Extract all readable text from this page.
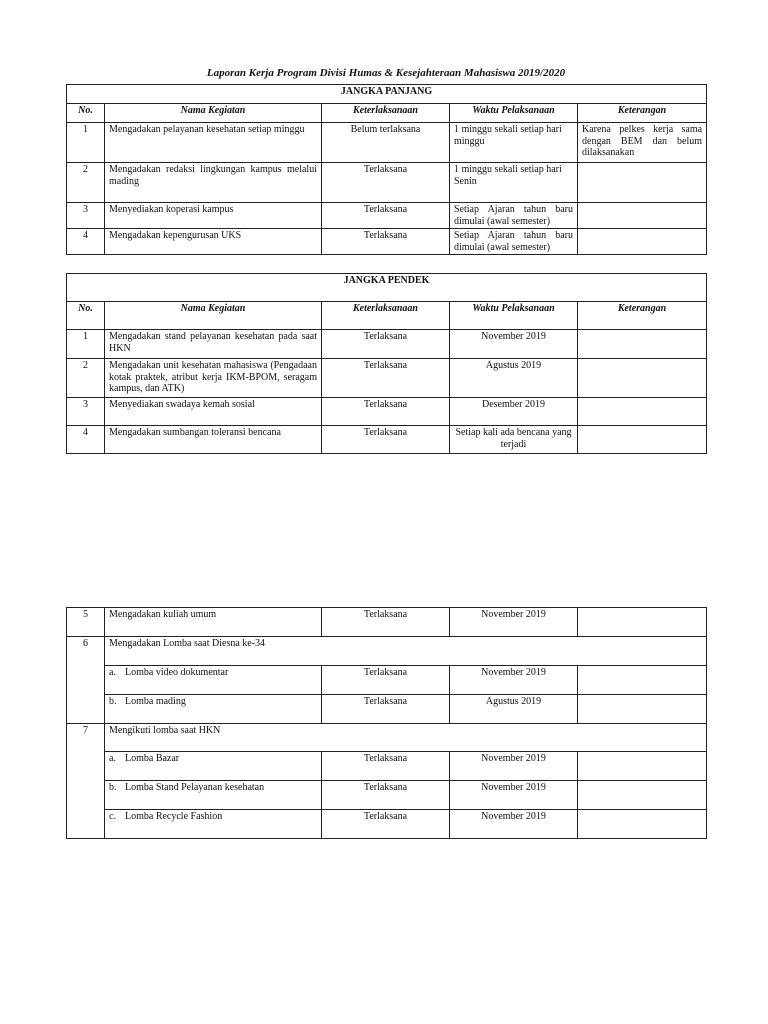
Laporan Kerja Program Divisi Humas & Kesejahteraan Mahasiswa 2019/2020
JANGKA PANJANG				
No.	Nama Kegiatan	Keterlaksanaan	Waktu Pelaksanaan	Keterangan
1	Mengadakan pelayanan kesehatan setiap minggu	Belum terlaksana	1 minggu sekali setiap hari minggu	Karena pelkes kerja sama dengan BEM dan belum dilaksanakan
2	Mengadakan redaksi lingkungan kampus melalui mading	Terlaksana	1 minggu sekali setiap hari Senin	
3	Menyediakan koperasi kampus	Terlaksana	Setiap Ajaran tahun baru dimulai (awal semester)	
4	Mengadakan kepengurusan UKS	Terlaksana	Setiap Ajaran tahun baru dimulai (awal semester)	
JANGKA PENDEK				
No.	Nama Kegiatan	Keterlaksanaan	Waktu Pelaksanaan	Keterangan
1	Mengadakan stand pelayanan kesehatan pada saat HKN	Terlaksana	November 2019	
2	Mengadakan unit kesehatan mahasiswa (Pengadaan kotak praktek, atribut kerja IKM-BPOM, seragam kampus, dan ATK)	Terlaksana	Agustus 2019	
3	Menyediakan swadaya kemah sosial	Terlaksana	Desember 2019	
4	Mengadakan sumbangan toleransi bencana	Terlaksana	Setiap kali ada bencana yang terjadi	
5	Mengadakan kuliah umum	Terlaksana	November 2019	
6	Mengadakan Lomba saat Diesna ke-34			

	a. Lomba video dokumentar	Terlaksana	November 2019	

	b. Lomba mading	Terlaksana	Agustus 2019	
7	Mengikuti lomba saat HKN			

	a. Lomba Bazar	Terlaksana	November 2019	

	b. Lomba Stand Pelayanan kesehatan	Terlaksana	November 2019	

	c. Lomba Recycle Fashion	Terlaksana	November 2019	
